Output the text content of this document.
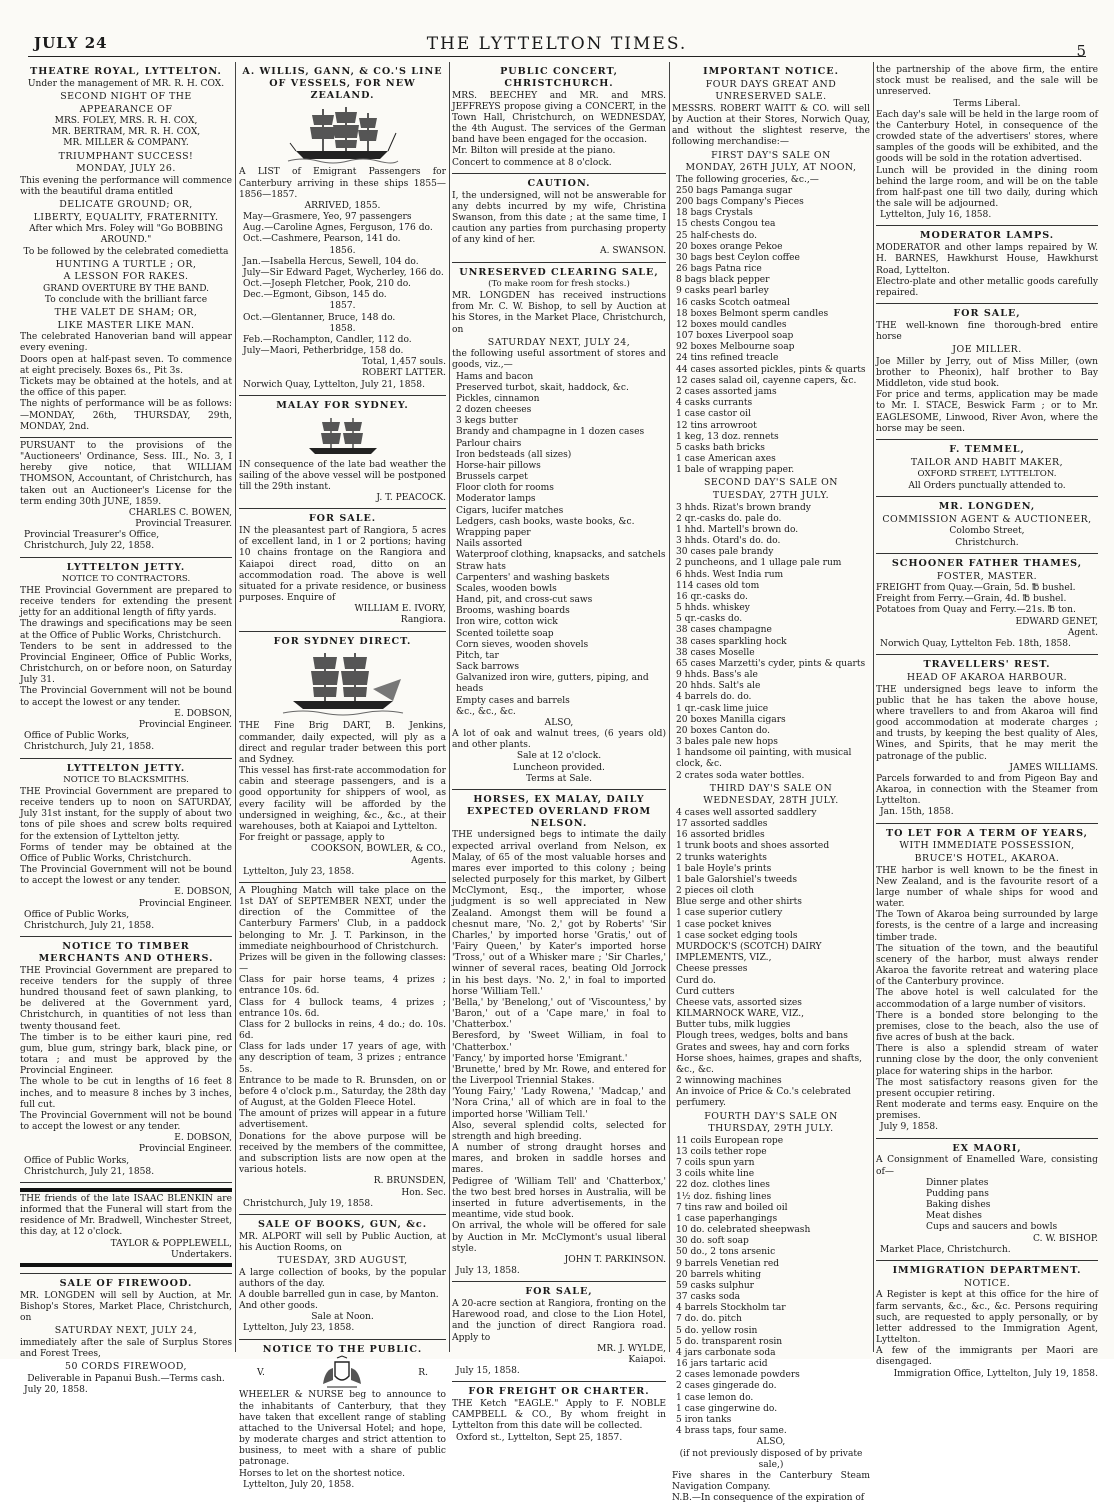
JULY 24	THE LYTTELTON TIMES.	5
THEATRE ROYAL, LYTTELTON.
Under the management of MR. R. H. COX.
SECOND NIGHT OF THE
APPEARANCE OF
MRS. FOLEY, MRS. R. H. COX,
MR. BERTRAM, MR. R. H. COX,
MR. MILLER & COMPANY.
TRIUMPHANT SUCCESS!
MONDAY, JULY 26.
This evening the performance will commence with the beautiful drama entitled
DELICATE GROUND; OR,
LIBERTY, EQUALITY, FRATERNITY.
After which Mrs. Foley will "Go BOBBING AROUND."
To be followed by the celebrated comedietta
HUNTING A TURTLE ; OR,
A LESSON FOR RAKES.
GRAND OVERTURE BY THE BAND.
To conclude with the brilliant farce
THE VALET DE SHAM; OR,
LIKE MASTER LIKE MAN.
The celebrated Hanoverian band will appear every evening.
Doors open at half-past seven. To commence at eight precisely. Boxes 6s., Pit 3s.
Tickets may be obtained at the hotels, and at the office of this paper.
The nights of performance will be as follows:—MONDAY, 26th, THURSDAY, 29th, MONDAY, 2nd.
PURSUANT to the provisions of the "Auctioneers' Ordinance, Sess. III., No. 3, I hereby give notice, that WILLIAM THOMSON, Accountant, of Christchurch, has taken out an Auctioneer's License for the term ending 30th JUNE, 1859.
CHARLES C. BOWEN,
Provincial Treasurer.
Provincial Treasurer's Office,
Christchurch, July 22, 1858.
LYTTELTON JETTY.
NOTICE TO CONTRACTORS.
THE Provincial Government are prepared to receive tenders for extending the present jetty for an additional length of fifty yards.
The drawings and specifications may be seen at the Office of Public Works, Christchurch.
Tenders to be sent in addressed to the Provincial Engineer, Office of Public Works, Christchurch, on or before noon, on Saturday July 31.
The Provincial Government will not be bound to accept the lowest or any tender.
E. DOBSON,
Provincial Engineer.
Office of Public Works,
Christchurch, July 21, 1858.
LYTTELTON JETTY.
NOTICE TO BLACKSMITHS.
THE Provincial Government are prepared to receive tenders up to noon on SATURDAY, July 31st instant, for the supply of about two tons of pile shoes and screw bolts required for the extension of Lyttelton jetty.
Forms of tender may be obtained at the Office of Public Works, Christchurch.
The Provincial Government will not be bound to accept the lowest or any tender.
E. DOBSON,
Provincial Engineer.
Office of Public Works,
Christchurch, July 21, 1858.
NOTICE TO TIMBER MERCHANTS AND OTHERS.
THE Provincial Government are prepared to receive tenders for the supply of three hundred thousand feet of sawn planking, to be delivered at the Government yard, Christchurch, in quantities of not less than twenty thousand feet.
The timber is to be either kauri pine, red gum, blue gum, stringy bark, black pine, or totara ; and must be approved by the Provincial Engineer.
The whole to be cut in lengths of 16 feet 8 inches, and to measure 8 inches by 3 inches, full cut.
The Provincial Government will not be bound to accept the lowest or any tender.
E. DOBSON,
Provincial Engineer.
Office of Public Works,
Christchurch, July 21, 1858.
THE friends of the late ISAAC BLENKIN are informed that the Funeral will start from the residence of Mr. Bradwell, Winchester Street, this day, at 12 o'clock.
TAYLOR & POPPLEWELL,
Undertakers.
SALE OF FIREWOOD.
MR. LONGDEN will sell by Auction, at Mr. Bishop's Stores, Market Place, Christchurch, on
SATURDAY NEXT, JULY 24,
immediately after the sale of Surplus Stores and Forest Trees,
50 CORDS FIREWOOD,
Deliverable in Papanui Bush.—Terms cash.
July 20, 1858.
A. WILLIS, GANN, & CO.'S LINE OF VESSELS, FOR NEW ZEALAND.
A LIST of Emigrant Passengers for Canterbury arriving in these ships 1855—1856—1857.
ARRIVED, 1855.
May—Grasmere, Yeo, 97 passengers
Aug.—Caroline Agnes, Ferguson, 176 do.
Oct.—Cashmere, Pearson, 141 do.
1856.
Jan.—Isabella Hercus, Sewell, 104 do.
July—Sir Edward Paget, Wycherley, 166 do.
Oct.—Joseph Fletcher, Pook, 210 do.
Dec.—Egmont, Gibson, 145 do.
1857.
Oct.—Glentanner, Bruce, 148 do.
1858.
Feb.—Rochampton, Candler, 112 do.
July—Maori, Petherbridge, 158 do.
Total, 1,457 souls.
ROBERT LATTER.
Norwich Quay, Lyttelton, July 21, 1858.
MALAY FOR SYDNEY.
IN consequence of the late bad weather the sailing of the above vessel will be postponed till the 29th instant.
J. T. PEACOCK.
FOR SALE.
IN the pleasantest part of Rangiora, 5 acres of excellent land, in 1 or 2 portions; having 10 chains frontage on the Rangiora and Kaiapoi direct road, ditto on an accommodation road. The above is well situated for a private residence, or business purposes. Enquire of
WILLIAM E. IVORY,
Rangiora.
FOR SYDNEY DIRECT.
THE Fine Brig DART, B. Jenkins, commander, daily expected, will ply as a direct and regular trader between this port and Sydney.
This vessel has first-rate accommodation for cabin and steerage passengers, and is a good opportunity for shippers of wool, as every facility will be afforded by the undersigned in weighing, &c., &c., at their warehouses, both at Kaiapoi and Lyttelton.
For freight or passage, apply to
COOKSON, BOWLER, & CO.,
Agents.
Lyttelton, July 23, 1858.
A Ploughing Match will take place on the 1st DAY of SEPTEMBER NEXT, under the direction of the Committee of the Canterbury Farmers' Club, in a paddock belonging to Mr. J. T. Parkinson, in the immediate neighbourhood of Christchurch.
Prizes will be given in the following classes:—
Class for pair horse teams, 4 prizes ; entrance 10s. 6d.
Class for 4 bullock teams, 4 prizes ; entrance 10s. 6d.
Class for 2 bullocks in reins, 4 do.; do. 10s. 6d.
Class for lads under 17 years of age, with any description of team, 3 prizes ; entrance 5s.
Entrance to be made to R. Brunsden, on or before 4 o'clock p.m., Saturday, the 28th day of August, at the Golden Fleece Hotel.
The amount of prizes will appear in a future advertisement.
Donations for the above purpose will be received by the members of the committee, and subscription lists are now open at the various hotels.
R. BRUNSDEN,
Hon. Sec.
Christchurch, July 19, 1858.
SALE OF BOOKS, GUN, &c.
MR. ALPORT will sell by Public Auction, at his Auction Rooms, on
TUESDAY, 3RD AUGUST,
A large collection of books, by the popular authors of the day.
A double barrelled gun in case, by Manton.
And other goods.
Sale at Noon.
Lyttelton, July 23, 1858.
NOTICE TO THE PUBLIC.
V.	R.
WHEELER & NURSE beg to announce to the inhabitants of Canterbury, that they have taken that excellent range of stabling attached to the Universal Hotel; and hope, by moderate charges and strict attention to business, to meet with a share of public patronage.
Horses to let on the shortest notice.
Lyttelton, July 20, 1858.
PUBLIC CONCERT, CHRISTCHURCH.
MRS. BEECHEY and MR. and MRS. JEFFREYS propose giving a CONCERT, in the Town Hall, Christchurch, on WEDNESDAY, the 4th August. The services of the German band have been engaged for the occasion.
Mr. Bilton will preside at the piano.
Concert to commence at 8 o'clock.
CAUTION.
I, the undersigned, will not be answerable for any debts incurred by my wife, Christina Swanson, from this date ; at the same time, I caution any parties from purchasing property of any kind of her.
A. SWANSON.
UNRESERVED CLEARING SALE,
(To make room for fresh stocks.)
MR. LONGDEN has received instructions from Mr. C. W. Bishop, to sell by Auction at his Stores, in the Market Place, Christchurch, on
SATURDAY NEXT, JULY 24,
the following useful assortment of stores and goods, viz.,—
Hams and bacon
Preserved turbot, skait, haddock, &c.
Pickles, cinnamon
2 dozen cheeses
3 kegs butter
Brandy and champagne in 1 dozen cases
Parlour chairs
Iron bedsteads (all sizes)
Horse-hair pillows
Brussels carpet
Floor cloth for rooms
Moderator lamps
Cigars, lucifer matches
Ledgers, cash books, waste books, &c.
Wrapping paper
Nails assorted
Waterproof clothing, knapsacks, and satchels
Straw hats
Carpenters' and washing baskets
Scales, wooden bowls
Hand, pit, and cross-cut saws
Brooms, washing boards
Iron wire, cotton wick
Scented toilette soap
Corn sieves, wooden shovels
Pitch, tar
Sack barrows
Galvanized iron wire, gutters, piping, and heads
Empty cases and barrels
&c., &c., &c.
ALSO,
A lot of oak and walnut trees, (6 years old) and other plants.
Sale at 12 o'clock.
Luncheon provided.
Terms at Sale.
HORSES, EX MALAY, DAILY EXPECTED OVERLAND FROM NELSON.
THE undersigned begs to intimate the daily expected arrival overland from Nelson, ex Malay, of 65 of the most valuable horses and mares ever imported to this colony ; being selected purposely for this market, by Gilbert McClymont, Esq., the importer, whose judgment is so well appreciated in New Zealand. Amongst them will be found a chesnut mare, 'No. 2,' got by Roberts' 'Sir Charles,' by imported horse 'Gratis,' out of 'Fairy Queen,' by Kater's imported horse 'Tross,' out of a Whisker mare ; 'Sir Charles,' winner of several races, beating Old Jorrock in his best days. 'No. 2,' in foal to imported horse 'William Tell.'
'Bella,' by 'Benelong,' out of 'Viscountess,' by 'Baron,' out of a 'Cape mare,' in foal to 'Chatterbox.'
Beresford, by 'Sweet William, in foal to 'Chatterbox.'
'Fancy,' by imported horse 'Emigrant.'
'Brunette,' bred by Mr. Rowe, and entered for the Liverpool Triennial Stakes.
'Young Fairy,' 'Lady Rowena,' 'Madcap,' and 'Nora Crina,' all of which are in foal to the imported horse 'William Tell.'
Also, several splendid colts, selected for strength and high breeding.
A number of strong draught horses and mares, and broken in saddle horses and mares.
Pedigree of 'William Tell' and 'Chatterbox,' the two best bred horses in Australia, will be inserted in future advertisements, in the meantime, vide stud book.
On arrival, the whole will be offered for sale by Auction in Mr. McClymont's usual liberal style.
JOHN T. PARKINSON.
July 13, 1858.
FOR SALE,
A 20-acre section at Rangiora, fronting on the Harewood road, and close to the Lion Hotel, and the junction of direct Rangiora road. Apply to
MR. J. WYLDE,
Kaiapoi.
July 15, 1858.
FOR FREIGHT OR CHARTER.
THE Ketch "EAGLE." Apply to F. NOBLE CAMPBELL & CO., By whom freight in Lyttelton from this date will be collected.
Oxford st., Lyttelton, Sept 25, 1857.
IMPORTANT NOTICE.
FOUR DAYS GREAT AND
UNRESERVED SALE.
MESSRS. ROBERT WAITT & CO. will sell by Auction at their Stores, Norwich Quay, and without the slightest reserve, the following merchandise:—
FIRST DAY'S SALE ON
MONDAY, 26TH JULY, AT NOON,
The following groceries, &c.,—
250 bags Pamanga sugar
200 bags Company's Pieces
18 bags Crystals
15 chests Congou tea
25 half-chests do.
20 boxes orange Pekoe
30 bags best Ceylon coffee
26 bags Patna rice
8 bags black pepper
9 casks pearl barley
16 casks Scotch oatmeal
18 boxes Belmont sperm candles
12 boxes mould candles
107 boxes Liverpool soap
92 boxes Melbourne soap
24 tins refined treacle
44 cases assorted pickles, pints & quarts
12 cases salad oil, cayenne capers, &c.
2 cases assorted jams
4 casks currants
1 case castor oil
12 tins arrowroot
1 keg, 13 doz. rennets
5 casks bath bricks
1 case American axes
1 bale of wrapping paper.
SECOND DAY'S SALE ON
TUESDAY, 27TH JULY.
3 hhds. Rizat's brown brandy
2 qr.-casks do. pale do.
1 hhd. Martell's brown do.
3 hhds. Otard's do. do.
30 cases pale brandy
2 puncheons, and 1 ullage pale rum
6 hhds. West India rum
114 cases old tom
16 qr.-casks do.
5 hhds. whiskey
5 qr.-casks do.
38 cases champagne
38 cases sparkling hock
38 cases Moselle
65 cases Marzetti's cyder, pints & quarts
9 hhds. Bass's ale
20 hhds. Salt's ale
4 barrels do. do.
1 qr.-cask lime juice
20 boxes Manilla cigars
20 boxes Canton do.
3 bales pale new hops
1 handsome oil painting, with musical clock, &c.
2 crates soda water bottles.
THIRD DAY'S SALE ON
WEDNESDAY, 28TH JULY.
4 cases well assorted saddlery
17 assorted saddles
16 assorted bridles
1 trunk boots and shoes assorted
2 trunks waterights
1 bale Hoyle's prints
1 bale Galorshiel's tweeds
2 pieces oil cloth
Blue serge and other shirts
1 case superior cutlery
1 case pocket knives
1 case socket edging tools
MURDOCK'S (SCOTCH) DAIRY IMPLEMENTS, VIZ.,
Cheese presses
Curd do.
Curd cutters
Cheese vats, assorted sizes
KILMARNOCK WARE, VIZ.,
Butter tubs, milk luggies
Plough trees, wedges, bolts and bans
Grates and swees, hay and corn forks
Horse shoes, haimes, grapes and shafts, &c., &c.
2 winnowing machines
An invoice of Price & Co.'s celebrated perfumery.
FOURTH DAY'S SALE ON
THURSDAY, 29TH JULY.
11 coils European rope
13 coils tether rope
7 coils spun yarn
3 coils white line
22 doz. clothes lines
1½ doz. fishing lines
7 tins raw and boiled oil
1 case paperhangings
10 do. celebrated sheepwash
30 do. soft soap
50 do., 2 tons arsenic
9 barrels Venetian red
20 barrels whiting
59 casks sulphur
37 casks soda
4 barrels Stockholm tar
7 do. do. pitch
5 do. yellow rosin
5 do. transparent rosin
4 jars carbonate soda
16 jars tartaric acid
2 cases lemonade powders
2 cases gingerade do.
1 case lemon do.
1 case gingerwine do.
5 iron tanks
4 brass taps, four same.
ALSO,
(if not previously disposed of by private sale,)
Five shares in the Canterbury Steam Navigation Company.
N.B.—In consequence of the expiration of
the partnership of the above firm, the entire stock must be realised, and the sale will be unreserved.
Terms Liberal.
Each day's sale will be held in the large room of the Canterbury Hotel, in consequence of the crowded state of the advertisers' stores, where samples of the goods will be exhibited, and the goods will be sold in the rotation advertised.
Lunch will be provided in the dining room behind the large room, and will be on the table from half-past one till two daily, during which the sale will be adjourned.
Lyttelton, July 16, 1858.
MODERATOR LAMPS.
MODERATOR and other lamps repaired by W. H. BARNES, Hawkhurst House, Hawkhurst Road, Lyttelton.
Electro-plate and other metallic goods carefully repaired.
FOR SALE,
THE well-known fine thorough-bred entire horse
JOE MILLER.
Joe Miller by Jerry, out of Miss Miller, (own brother to Pheonix), half brother to Bay Middleton, vide stud book.
For price and terms, application may be made to Mr. I. STACE, Beswick Farm ; or to Mr. EAGLESOME, Linwood, River Avon, where the horse may be seen.
F. TEMMEL,
TAILOR AND HABIT MAKER,
OXFORD STREET, LYTTELTON.
All Orders punctually attended to.
MR. LONGDEN,
COMMISSION AGENT & AUCTIONEER,
Colombo Street,
Christchurch.
SCHOONER FATHER THAMES,
FOSTER, MASTER.
FREIGHT from Quay.—Grain, 5d. ℔ bushel.
Freight from Ferry.—Grain, 4d. ℔ bushel.
Potatoes from Quay and Ferry.—21s. ℔ ton.
EDWARD GENET,
Agent.
Norwich Quay, Lyttelton Feb. 18th, 1858.
TRAVELLERS' REST.
HEAD OF AKAROA HARBOUR.
THE undersigned begs leave to inform the public that he has taken the above house, where travellers to and from Akaroa will find good accommodation at moderate charges ; and trusts, by keeping the best quality of Ales, Wines, and Spirits, that he may merit the patronage of the public.
JAMES WILLIAMS.
Parcels forwarded to and from Pigeon Bay and Akaroa, in connection with the Steamer from Lyttelton.
Jan. 15th, 1858.
TO LET FOR A TERM OF YEARS,
WITH IMMEDIATE POSSESSION,
BRUCE'S HOTEL, AKAROA.
THE harbor is well known to be the finest in New Zealand, and is the favourite resort of a large number of whale ships for wood and water.
The Town of Akaroa being surrounded by large forests, is the centre of a large and increasing timber trade.
The situation of the town, and the beautiful scenery of the harbor, must always render Akaroa the favorite retreat and watering place of the Canterbury province.
The above hotel is well calculated for the accommodation of a large number of visitors.
There is a bonded store belonging to the premises, close to the beach, also the use of five acres of bush at the back.
There is also a splendid stream of water running close by the door, the only convenient place for watering ships in the harbor.
The most satisfactory reasons given for the present occupier retiring.
Rent moderate and terms easy. Enquire on the premises.
July 9, 1858.
EX MAORI,
A Consignment of Enamelled Ware, consisting of—
Dinner plates
Pudding pans
Baking dishes
Meat dishes
Cups and saucers and bowls
C. W. BISHOP.
Market Place, Christchurch.
IMMIGRATION DEPARTMENT.
NOTICE.
A Register is kept at this office for the hire of farm servants, &c., &c., &c. Persons requiring such, are requested to apply personally, or by letter addressed to the Immigration Agent, Lyttelton.
A few of the immigrants per Maori are disengaged.
Immigration Office, Lyttelton, July 19, 1858.
